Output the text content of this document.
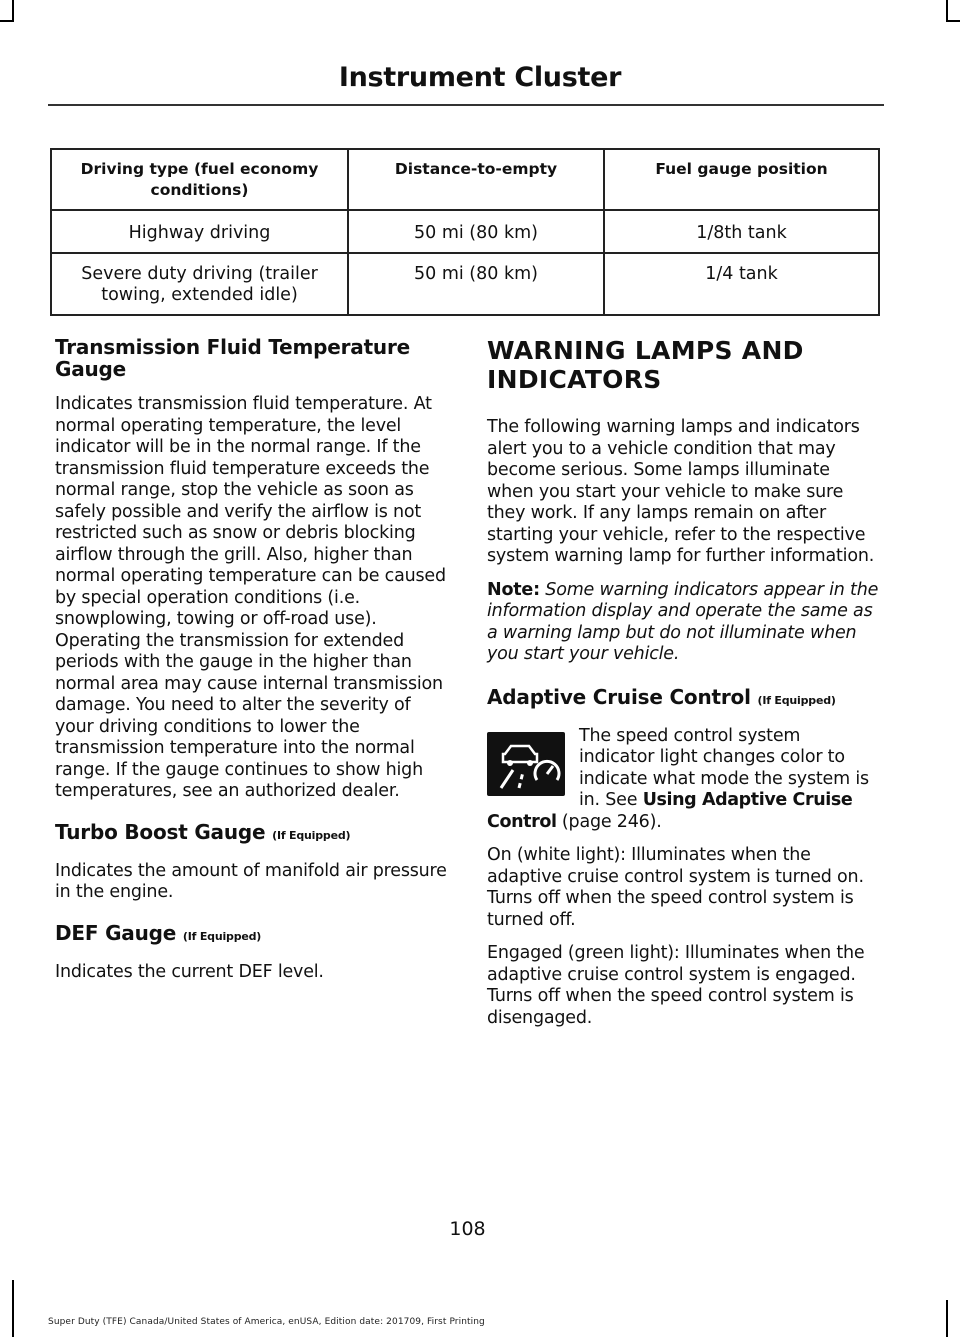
Instrument Cluster
Driving type (fuel economy conditions)	Distance-to-empty	Fuel gauge position
Highway driving	50 mi (80 km)	1/8th tank
Severe duty driving (trailer towing, extended idle)	50 mi (80 km)	1/4 tank
Transmission Fluid Temperature Gauge

Indicates transmission fluid temperature. At normal operating temperature, the level indicator will be in the normal range. If the transmission fluid temperature exceeds the normal range, stop the vehicle as soon as safely possible and verify the airflow is not restricted such as snow or debris blocking airflow through the grill. Also, higher than normal operating temperature can be caused by special operation conditions (i.e. snowplowing, towing or off-road use). Operating the transmission for extended periods with the gauge in the higher than normal area may cause internal transmission damage. You need to alter the severity of your driving conditions to lower the transmission temperature into the normal range. If the gauge continues to show high temperatures, see an authorized dealer.

Turbo Boost Gauge (If Equipped)

Indicates the amount of manifold air pressure in the engine.

DEF Gauge (If Equipped)

Indicates the current DEF level.

WARNING LAMPS AND INDICATORS

The following warning lamps and indicators alert you to a vehicle condition that may become serious. Some lamps illuminate when you start your vehicle to make sure they work. If any lamps remain on after starting your vehicle, refer to the respective system warning lamp for further information.

Note: Some warning indicators appear in the information display and operate the same as a warning lamp but do not illuminate when you start your vehicle.

Adaptive Cruise Control (If Equipped)

The speed control system indicator light changes color to indicate what mode the system is in. See Using Adaptive Cruise Control (page 246).

On (white light): Illuminates when the adaptive cruise control system is turned on. Turns off when the speed control system is turned off.

Engaged (green light): Illuminates when the adaptive cruise control system is engaged. Turns off when the speed control system is disengaged.

108
Super Duty (TFE) Canada/United States of America, enUSA, Edition date: 201709, First Printing
